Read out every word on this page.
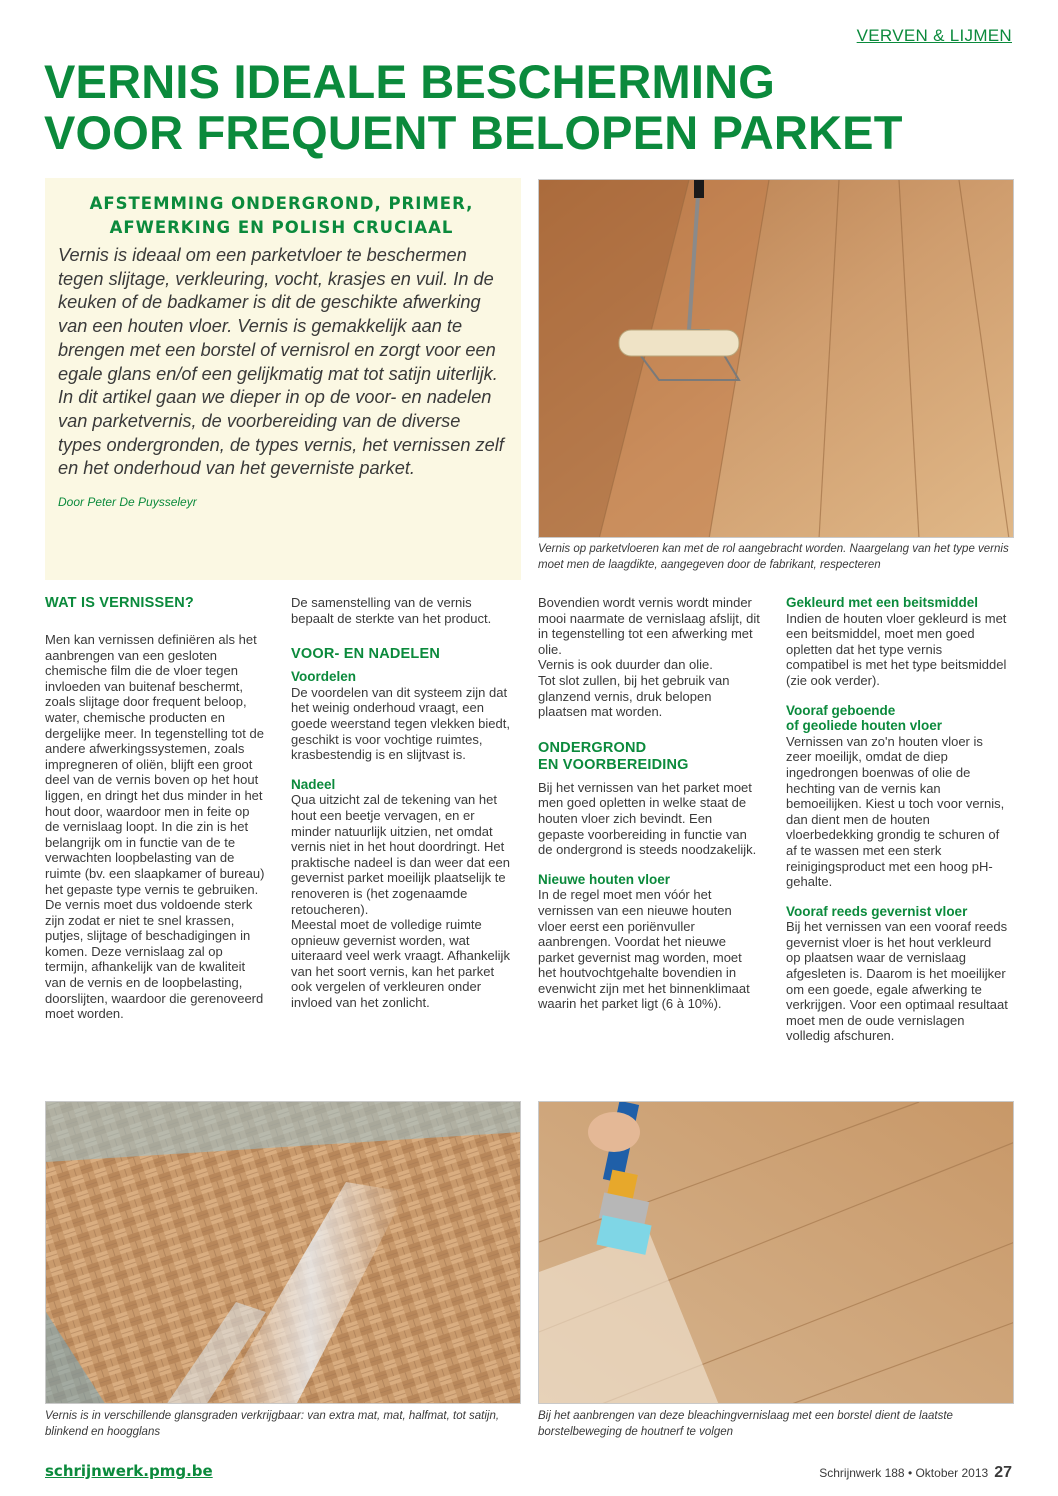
VERVEN & LIJMEN
VERNIS IDEALE BESCHERMING
VOOR FREQUENT BELOPEN PARKET
AFSTEMMING ONDERGROND, PRIMER,
AFWERKING EN POLISH CRUCIAAL

Vernis is ideaal om een parketvloer te beschermen tegen slijtage, verkleuring, vocht, krasjes en vuil. In de keuken of de badkamer is dit de geschikte afwerking van een houten vloer. Vernis is gemakkelijk aan te brengen met een borstel of vernisrol en zorgt voor een egale glans en/of een gelijkmatig mat tot satijn uiterlijk. In dit artikel gaan we dieper in op de voor- en nadelen van parketvernis, de voorbereiding van de diverse types ondergronden, de types vernis, het vernissen zelf en het onderhoud van het geverniste parket.

Door Peter De Puysseleyr

Vernis op parketvloeren kan met de rol aangebracht worden. Naargelang van het type vernis moet men de laagdikte, aangegeven door de fabrikant, respecteren
WAT IS VERNISSEN?

Men kan vernissen definiëren als het aanbrengen van een gesloten chemische film die de vloer tegen invloeden van buitenaf beschermt, zoals slijtage door frequent beloop, water, chemische producten en dergelijke meer. In tegenstelling tot de andere afwerkingssystemen, zoals impregneren of oliën, blijft een groot deel van de vernis boven op het hout liggen, en dringt het dus minder in het hout door, waardoor men in feite op de vernislaag loopt. In die zin is het belangrijk om in functie van de te verwachten loopbelasting van de ruimte (bv. een slaapkamer of bureau) het gepaste type vernis te gebruiken.

De vernis moet dus voldoende sterk zijn zodat er niet te snel krassen, putjes, slijtage of beschadigingen in komen. Deze vernislaag zal op termijn, afhankelijk van de kwaliteit van de vernis en de loopbelasting, doorslijten, waardoor die gerenoveerd moet worden.

De samenstelling van de vernis bepaalt de sterkte van het product.

VOOR- EN NADELEN
Voordelen

De voordelen van dit systeem zijn dat het weinig onderhoud vraagt, een goede weerstand tegen vlekken biedt, geschikt is voor vochtige ruimtes, krasbestendig is en slijtvast is.

Nadeel

Qua uitzicht zal de tekening van het hout een beetje vervagen, en er minder natuurlijk uitzien, net omdat vernis niet in het hout doordringt. Het praktische nadeel is dan weer dat een gevernist parket moeilijk plaatselijk te renoveren is (het zogenaamde retoucheren).

Meestal moet de volledige ruimte opnieuw gevernist worden, wat uiteraard veel werk vraagt. Afhankelijk van het soort vernis, kan het parket ook vergelen of verkleuren onder invloed van het zonlicht.

Bovendien wordt vernis wordt minder mooi naarmate de vernislaag afslijt, dit in tegenstelling tot een afwerking met olie.

Vernis is ook duurder dan olie.

Tot slot zullen, bij het gebruik van glanzend vernis, druk belopen plaatsen mat worden.

ONDERGROND
EN VOORBEREIDING

Bij het vernissen van het parket moet men goed opletten in welke staat de houten vloer zich bevindt. Een gepaste voorbereiding in functie van de ondergrond is steeds noodzakelijk.

Nieuwe houten vloer

In de regel moet men vóór het vernissen van een nieuwe houten vloer eerst een poriënvuller aanbrengen. Voordat het nieuwe parket gevernist mag worden, moet het houtvochtgehalte bovendien in evenwicht zijn met het binnenklimaat waarin het parket ligt (6 à 10%).

Gekleurd met een beitsmiddel

Indien de houten vloer gekleurd is met een beitsmiddel, moet men goed opletten dat het type vernis compatibel is met het type beitsmiddel (zie ook verder).

Vooraf geboende
of geoliede houten vloer

Vernissen van zo'n houten vloer is zeer moeilijk, omdat de diep ingedrongen boenwas of olie de hechting van de vernis kan bemoeilijken. Kiest u toch voor vernis, dan dient men de houten vloerbedekking grondig te schuren of af te wassen met een sterk reinigingsproduct met een hoog pH-gehalte.

Vooraf reeds gevernist vloer

Bij het vernissen van een vooraf reeds gevernist vloer is het hout verkleurd op plaatsen waar de vernislaag afgesleten is. Daarom is het moeilijker om een goede, egale afwerking te verkrijgen. Voor een optimaal resultaat moet men de oude vernislagen volledig afschuren.

Vernis is in verschillende glansgraden verkrijgbaar: van extra mat, mat, halfmat, tot satijn, blinkend en hoogglans
Bij het aanbrengen van deze bleachingvernislaag met een borstel dient de laatste borstelbeweging de houtnerf te volgen
schrijnwerk.pmg.be	Schrijnwerk 188 • Oktober 2013 27
